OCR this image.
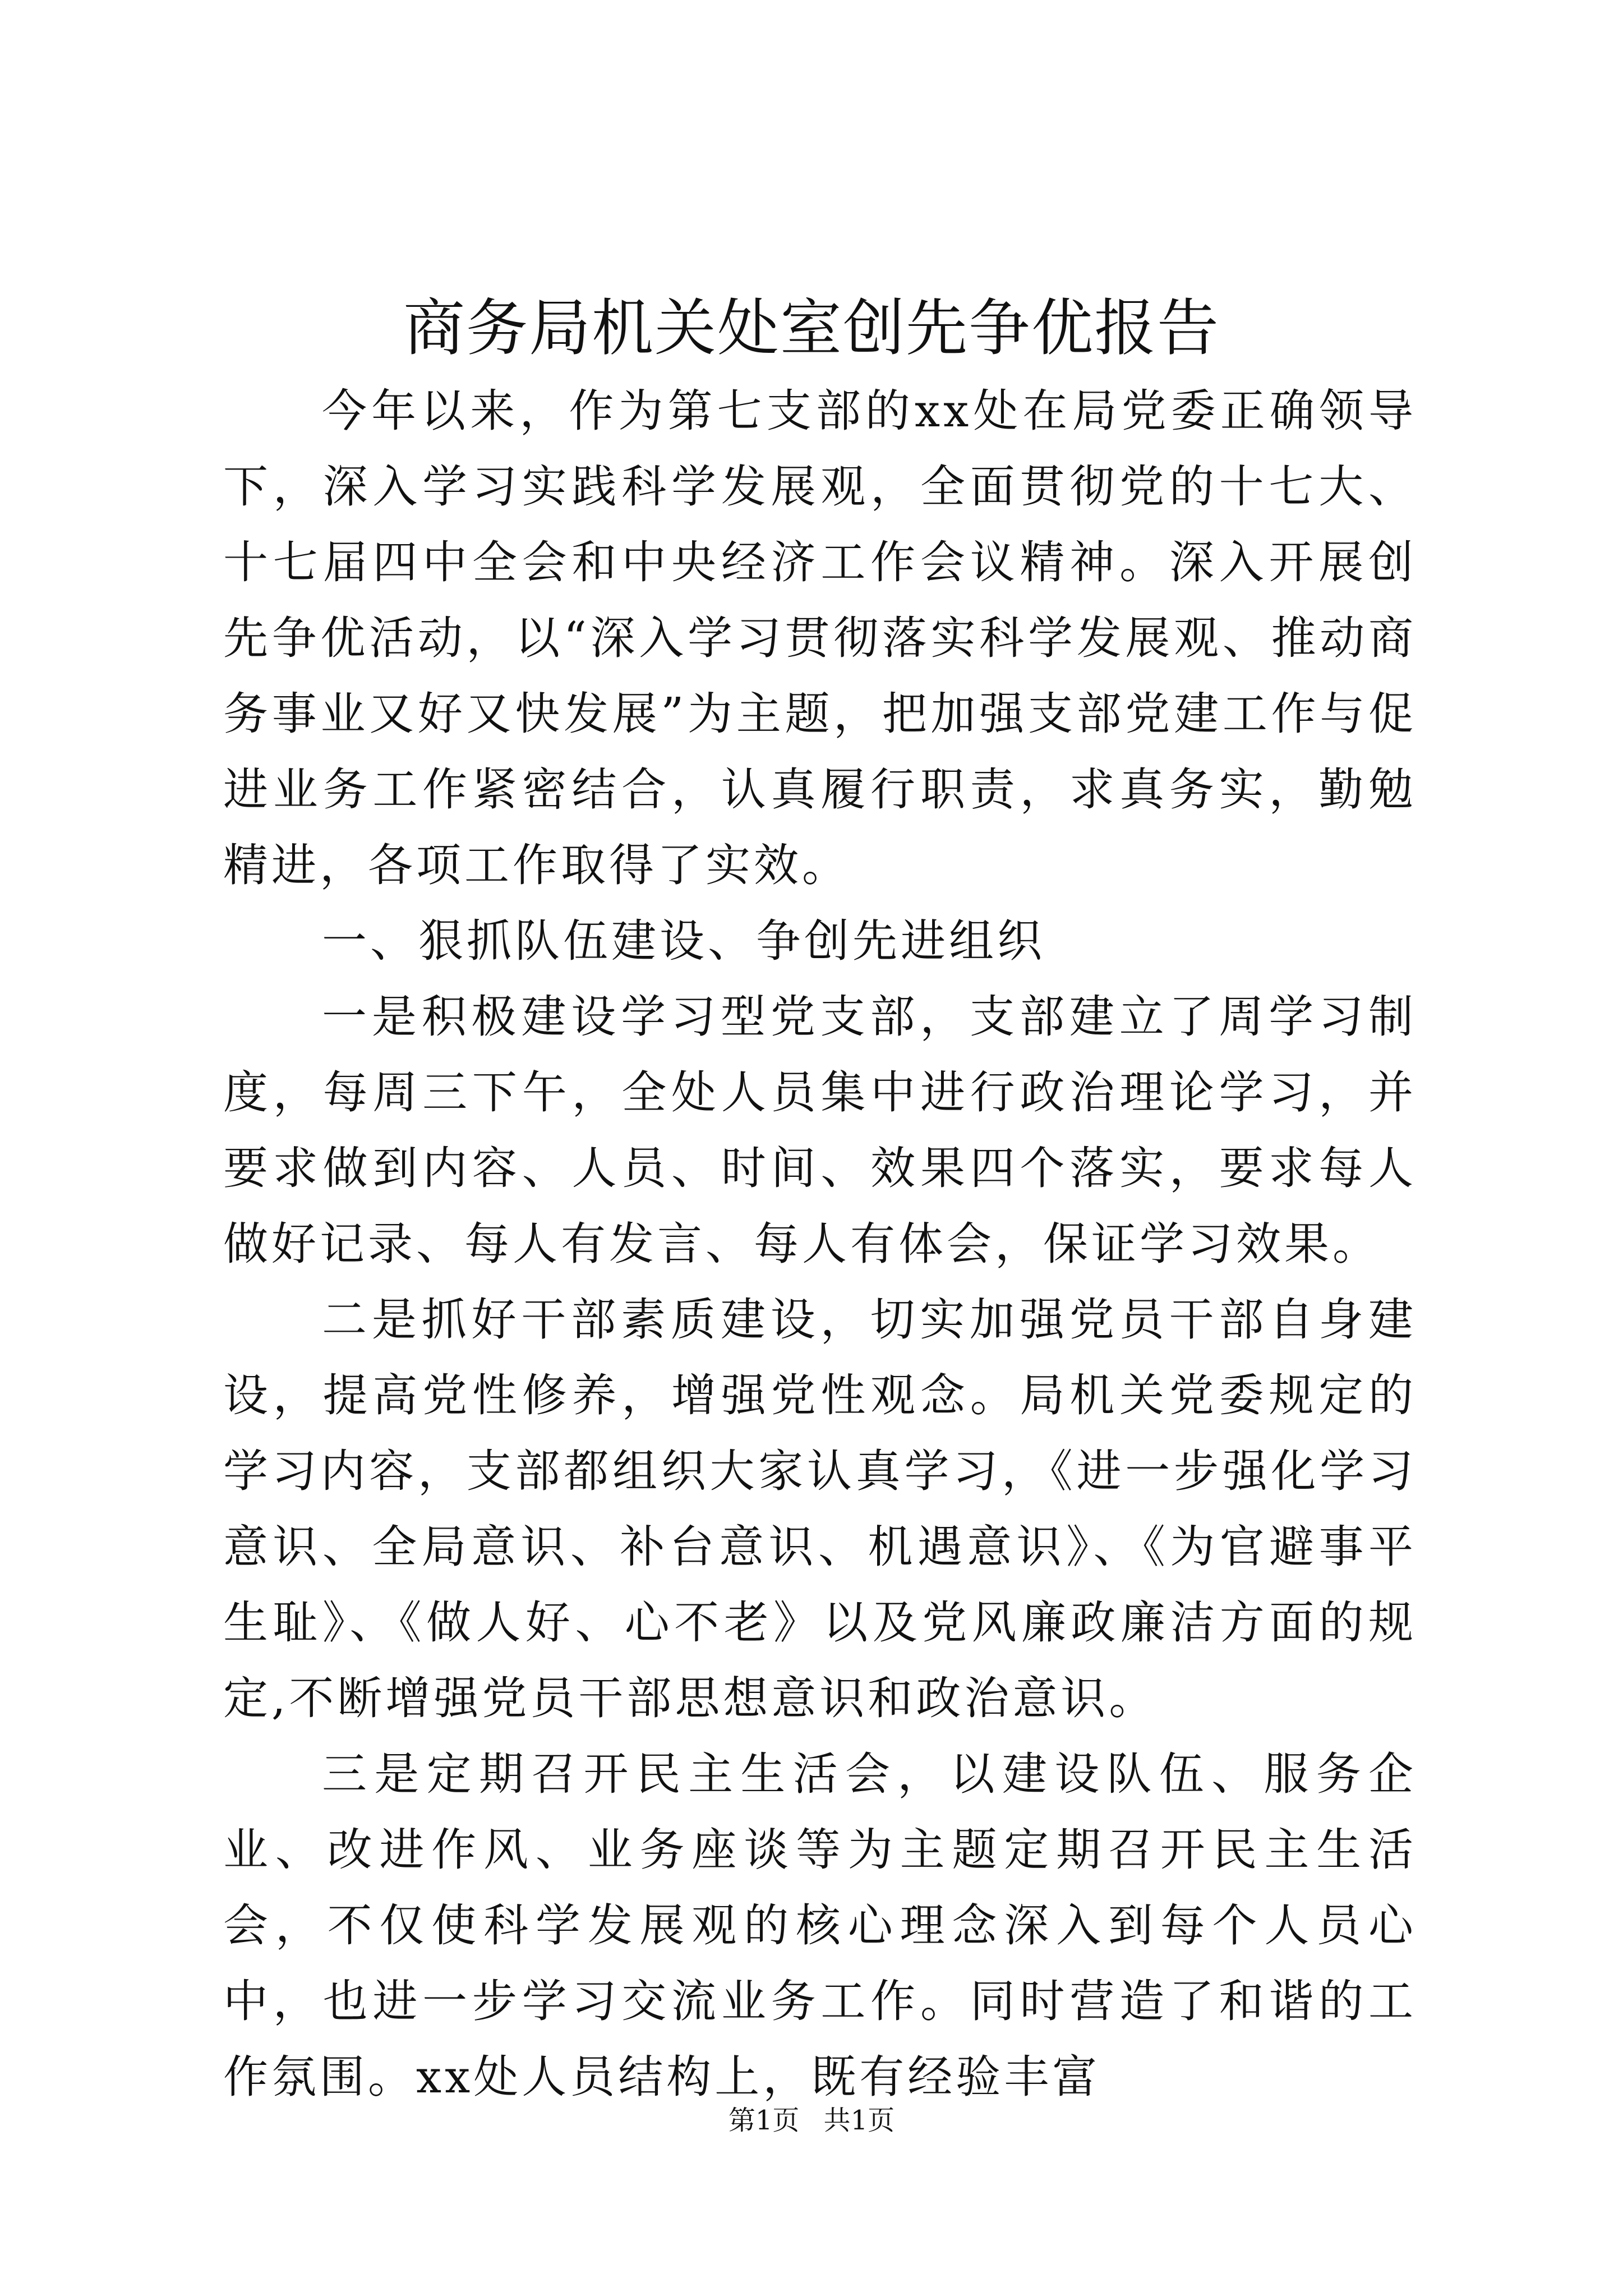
商务局机关处室创先争优报告

今年以来，作为第七支部的xx处在局党委正确领导下，深入学习实践科学发展观，全面贯彻党的十七大、十七届四中全会和中央经济工作会议精神。深入开展创先争优活动，以“深入学习贯彻落实科学发展观、推动商务事业又好又快发展”为主题，把加强支部党建工作与促进业务工作紧密结合，认真履行职责，求真务实，勤勉精进，各项工作取得了实效。

一、狠抓队伍建设、争创先进组织

一是积极建设学习型党支部，支部建立了周学习制度，每周三下午，全处人员集中进行政治理论学习，并要求做到内容、人员、时间、效果四个落实，要求每人做好记录、每人有发言、每人有体会，保证学习效果。

二是抓好干部素质建设，切实加强党员干部自身建设，提高党性修养，增强党性观念。局机关党委规定的学习内容，支部都组织大家认真学习，《进一步强化学习意识、全局意识、补台意识、机遇意识》、《为官避事平生耻》、《做人好、心不老》以及党风廉政廉洁方面的规定,不断增强党员干部思想意识和政治意识。

三是定期召开民主生活会，以建设队伍、服务企业、改进作风、业务座谈等为主题定期召开民主生活会，不仅使科学发展观的核心理念深入到每个人员心中，也进一步学习交流业务工作。同时营造了和谐的工作氛围。xx处人员结构上，既有经验丰富

第1页 共1页
